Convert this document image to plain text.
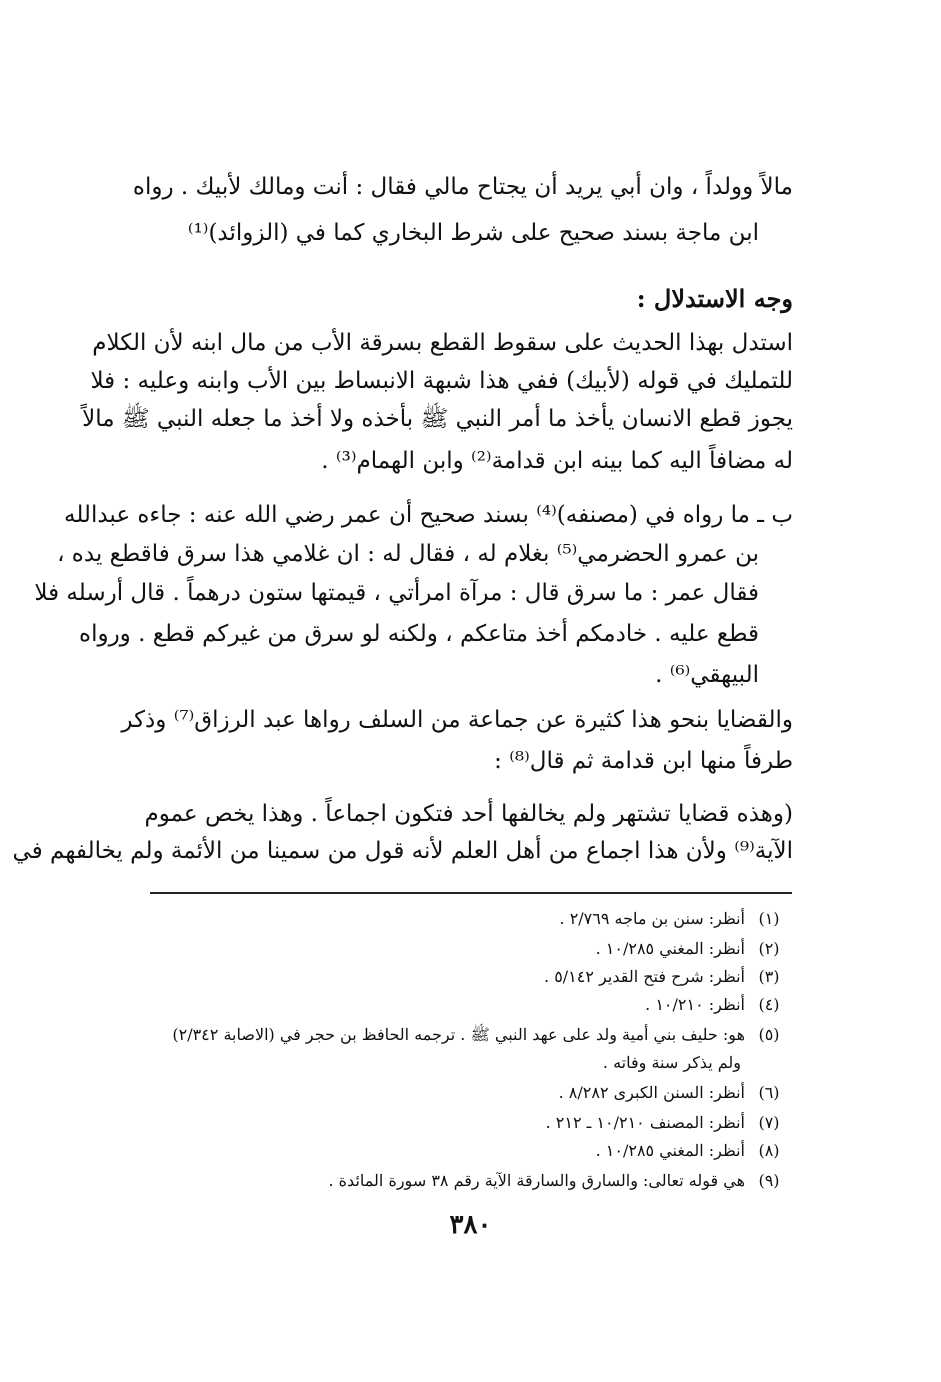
مالاً وولداً ، وان أبي يريد أن يجتاح مالي فقال : أنت ومالك لأبيك . رواه
ابن ماجة بسند صحيح على شرط البخاري كما في (الزوائد)⁽¹⁾
وجه الاستدلال :
استدل بهذا الحديث على سقوط القطع بسرقة الأب من مال ابنه لأن الكلام
للتمليك في قوله (لأبيك) ففي هذا شبهة الانبساط بين الأب وابنه وعليه : فلا
يجوز قطع الانسان يأخذ ما أمر النبي ﷺ بأخذه ولا أخذ ما جعله النبي ﷺ مالاً
له مضافاً اليه كما بينه ابن قدامة⁽²⁾ وابن الهمام⁽³⁾ .
ب ـ ما رواه في (مصنفه)⁽⁴⁾ بسند صحيح أن عمر رضي الله عنه : جاءه عبدالله
بن عمرو الحضرمي⁽⁵⁾ بغلام له ، فقال له : ان غلامي هذا سرق فاقطع يده ،
فقال عمر : ما سرق قال : مرآة امرأتي ، قيمتها ستون درهماً . قال أرسله فلا
قطع عليه . خادمكم أخذ متاعكم ، ولكنه لو سرق من غيركم قطع . ورواه
البيهقي⁽⁶⁾ .
والقضايا بنحو هذا كثيرة عن جماعة من السلف رواها عبد الرزاق⁽⁷⁾ وذكر
طرفاً منها ابن قدامة ثم قال⁽⁸⁾ :
(وهذه قضايا تشتهر ولم يخالفها أحد فتكون اجماعاً . وهذا يخص عموم
الآية⁽⁹⁾ ولأن هذا اجماع من أهل العلم لأنه قول من سمينا من الأئمة ولم يخالفهم في
(١)أنظر: سنن بن ماجه ٢/٧٦٩ .
(٢)أنظر: المغني ١٠/٢٨٥ .
(٣)أنظر: شرح فتح القدير ٥/١٤٢ .
(٤)أنظر: ١٠/٢١٠ .
(٥)هو: حليف بني أمية ولد على عهد النبي ﷺ . ترجمه الحافظ بن حجر في (الاصابة ٢/٣٤٢)
ولم يذكر سنة وفاته .
(٦)أنظر: السنن الكبرى ٨/٢٨٢ .
(٧)أنظر: المصنف ١٠/٢١٠ ـ ٢١٢ .
(٨)أنظر: المغني ١٠/٢٨٥ .
(٩)هي قوله تعالى: والسارق والسارقة الآية رقم ٣٨ سورة المائدة .
٣٨٠
